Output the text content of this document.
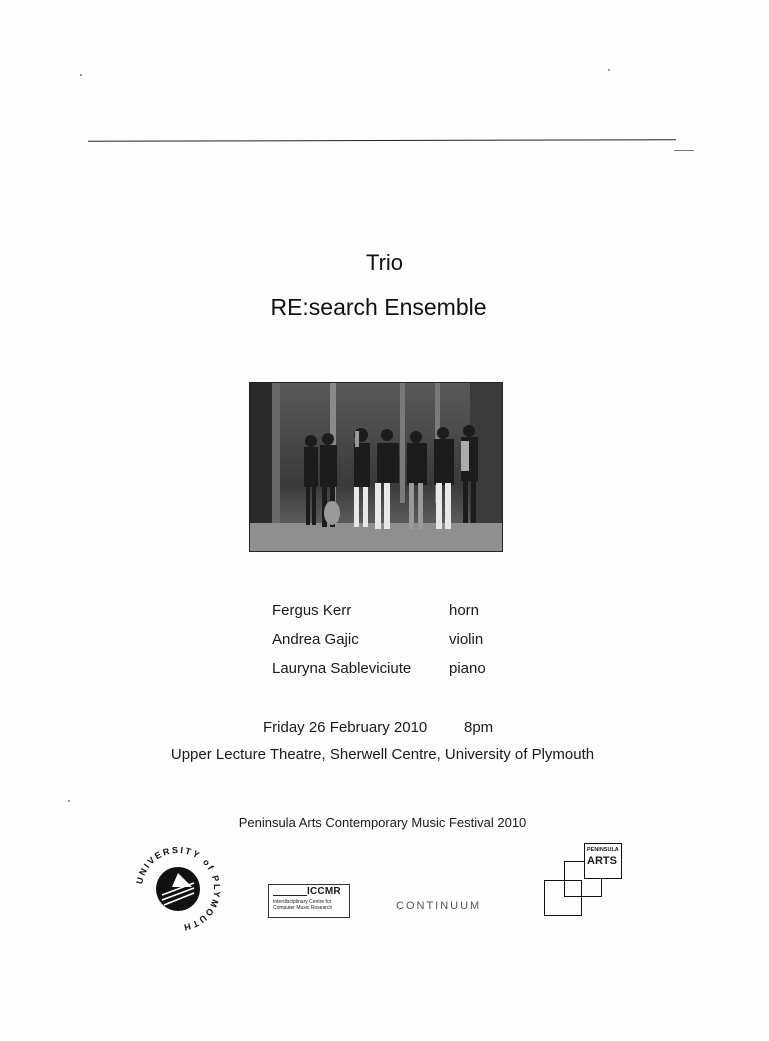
Trio
RE:search Ensemble
Fergus Kerr	horn
Andrea Gajic	violin
Lauryna Sableviciute	piano
Friday 26 February 2010 8pm
Upper Lecture Theatre, Sherwell Centre, University of Plymouth
Peninsula Arts Contemporary Music Festival 2010
UNIVERSITY of PLYMOUTH
ICCMR
Interdisciplinary Centre for Computer Music Research	CONTINUUM
PENINSULA
ARTS
